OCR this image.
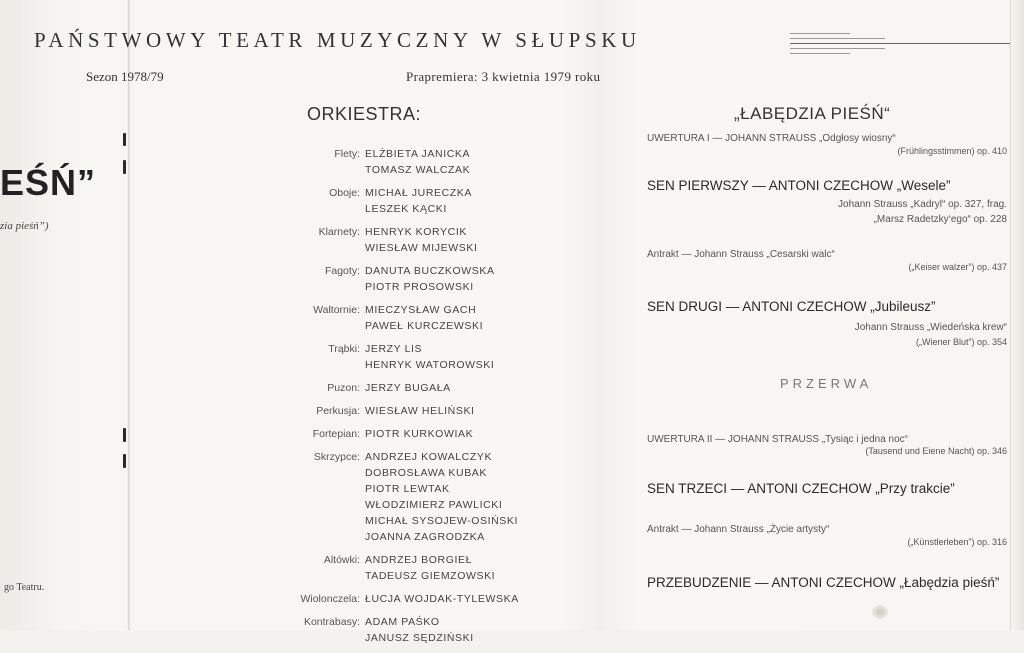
PAŃSTWOWY TEATR MUZYCZNY W SŁUPSKU
Sezon 1978/79	Prapremiera: 3 kwietnia 1979 roku
EŚŃ”
zia pieśń”)
go Teatru.
ORKIESTRA:
Flety: ELŻBIETA JANICKA
TOMASZ WALCZAK
Oboje: MICHAŁ JURECZKA
LESZEK KĄCKI
Klarnety: HENRYK KORYCIK
WIESŁAW MIJEWSKI
Fagoty: DANUTA BUCZKOWSKA
PIOTR PROSOWSKI
Waltornie: MIECZYSŁAW GACH
PAWEŁ KURCZEWSKI
Trąbki: JERZY LIS
HENRYK WATOROWSKI
Puzon: JERZY BUGAŁA
Perkusja: WIESŁAW HELIŃSKI
Fortepian: PIOTR KURKOWIAK
Skrzypce: ANDRZEJ KOWALCZYK
DOBROSŁAWA KUBAK
PIOTR LEWTAK
WŁODZIMIERZ PAWLICKI
MICHAŁ SYSOJEW-OSIŃSKI
JOANNA ZAGRODZKA
Altówki: ANDRZEJ BORGIEŁ
TADEUSZ GIEMZOWSKI
Wiolonczela: ŁUCJA WOJDAK-TYLEWSKA
Kontrabasy: ADAM PAŚKO
JANUSZ SĘDZIŃSKI
„ŁABĘDZIA PIEŚŃ“
UWERTURA I — JOHANN STRAUSS „Odgłosy wiosny“
(Frühlingsstimmen) op. 410
SEN PIERWSZY — ANTONI CZECHOW „Wesele”
Johann Strauss „Kadryl“ op. 327, frag.
„Marsz Radetzky‘ego“ op. 228
Antrakt — Johann Strauss „Cesarski walc“
(„Keiser walzer”) op. 437
SEN DRUGI — ANTONI CZECHOW „Jubileusz”
Johann Strauss „Wiedeńska krew“
(„Wiener Blut”) op. 354
PRZERWA
UWERTURA II — JOHANN STRAUSS „Tysiąc i jedna noc“
(Tausend und Eiene Nacht) op. 346
SEN TRZECI — ANTONI CZECHOW „Przy trakcie”
Antrakt — Johann Strauss „Życie artysty“
(„Künstlerleben”) op. 316
PRZEBUDZENIE — ANTONI CZECHOW „Łabędzia pieśń”
